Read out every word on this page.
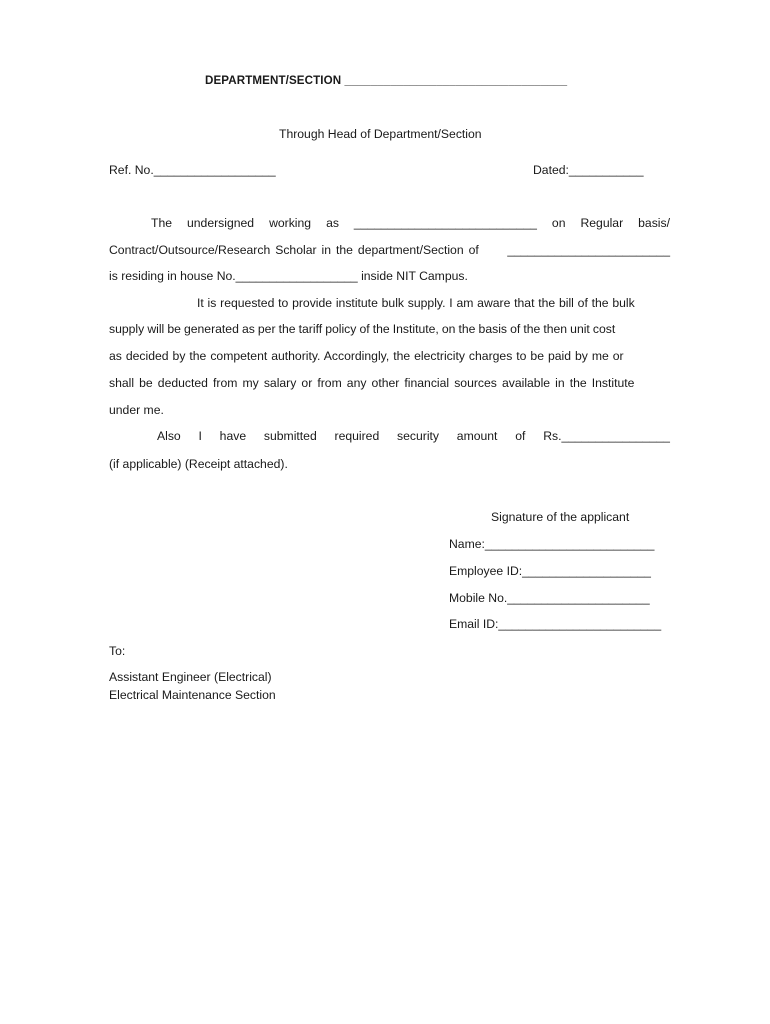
DEPARTMENT/SECTION __________________________________
Through Head of Department/Section
Ref. No.__________________	Dated:___________
The undersigned working as ___________________________ on Regular basis/
Contract/Outsource/Research Scholar in the department/Section of ________________________
is residing in house No.__________________ inside NIT Campus.
It is requested to provide institute bulk supply. I am aware that the bill of the bulk
supply will be generated as per the tariff policy of the Institute, on the basis of the then unit cost
as decided by the competent authority. Accordingly, the electricity charges to be paid by me or
shall be deducted from my salary or from any other financial sources available in the Institute
under me.
Also I have submitted required security amount of Rs.________________
(if applicable) (Receipt attached).
Signature of the applicant
Name:_________________________
Employee ID:___________________
Mobile No._____________________
Email ID:________________________
To:
Assistant Engineer (Electrical)
Electrical Maintenance Section
